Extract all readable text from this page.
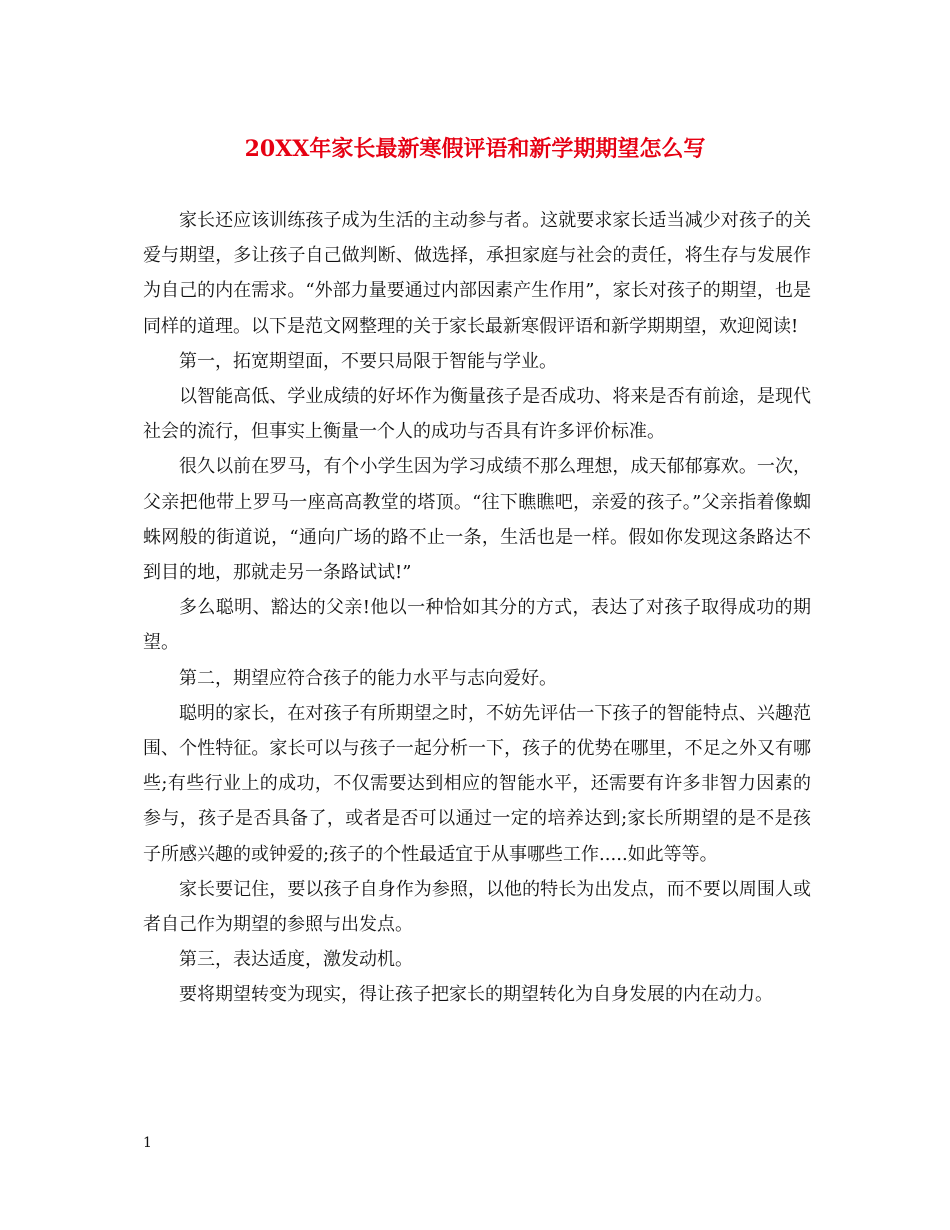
20XX年家长最新寒假评语和新学期期望怎么写

家长还应该训练孩子成为生活的主动参与者。这就要求家长适当减少对孩子的关爱与期望，多让孩子自己做判断、做选择，承担家庭与社会的责任，将生存与发展作为自己的内在需求。“外部力量要通过内部因素产生作用”，家长对孩子的期望，也是同样的道理。以下是范文网整理的关于家长最新寒假评语和新学期期望，欢迎阅读!

第一，拓宽期望面，不要只局限于智能与学业。

以智能高低、学业成绩的好坏作为衡量孩子是否成功、将来是否有前途，是现代社会的流行，但事实上衡量一个人的成功与否具有许多评价标准。

很久以前在罗马，有个小学生因为学习成绩不那么理想，成天郁郁寡欢。一次，父亲把他带上罗马一座高高教堂的塔顶。“往下瞧瞧吧，亲爱的孩子。”父亲指着像蜘蛛网般的街道说，“通向广场的路不止一条，生活也是一样。假如你发现这条路达不到目的地，那就走另一条路试试!”

多么聪明、豁达的父亲!他以一种恰如其分的方式，表达了对孩子取得成功的期望。

第二，期望应符合孩子的能力水平与志向爱好。

聪明的家长，在对孩子有所期望之时，不妨先评估一下孩子的智能特点、兴趣范围、个性特征。家长可以与孩子一起分析一下，孩子的优势在哪里，不足之外又有哪些;有些行业上的成功，不仅需要达到相应的智能水平，还需要有许多非智力因素的参与，孩子是否具备了，或者是否可以通过一定的培养达到;家长所期望的是不是孩子所感兴趣的或钟爱的;孩子的个性最适宜于从事哪些工作.....如此等等。

家长要记住，要以孩子自身作为参照，以他的特长为出发点，而不要以周围人或者自己作为期望的参照与出发点。

第三，表达适度，激发动机。

要将期望转变为现实，得让孩子把家长的期望转化为自身发展的内在动力。

1
